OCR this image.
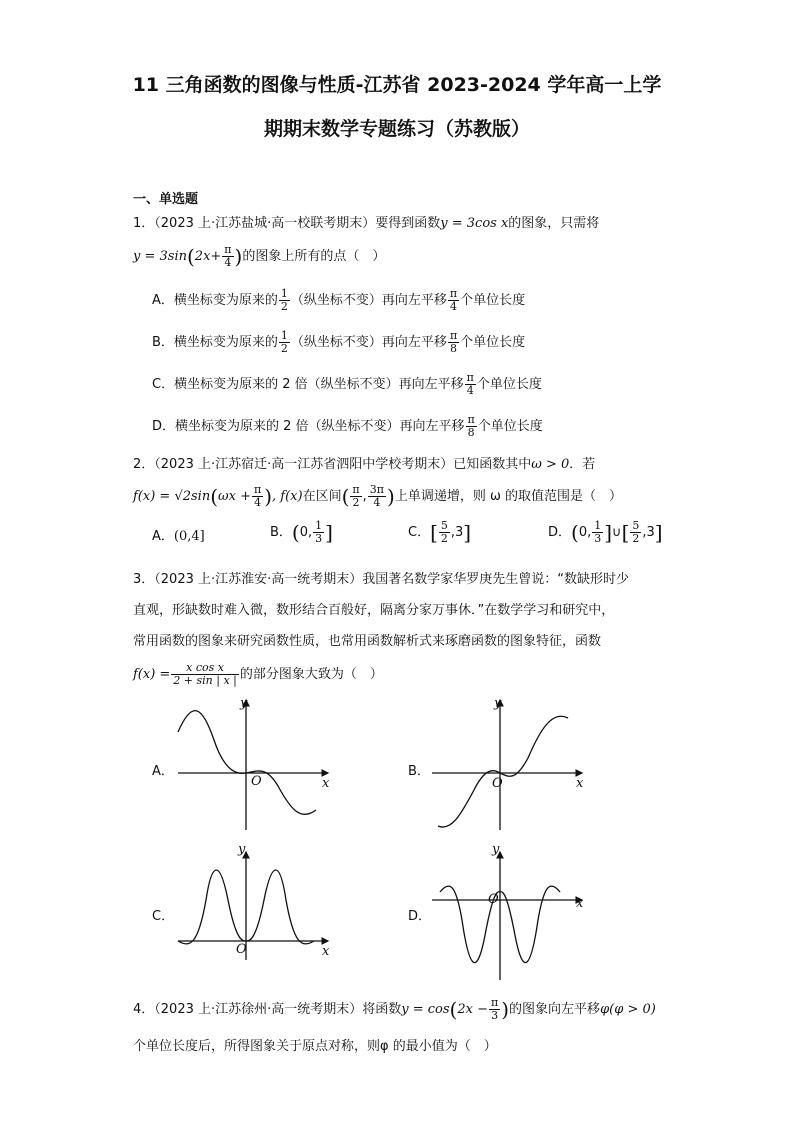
11 三角函数的图像与性质-江苏省 2023-2024 学年高一上学
期期末数学专题练习（苏教版）
一、单选题
1．（2023 上·江苏盐城·高一校联考期末）要得到函数y = 3cos x的图象，只需将
$y = 3\sin(2x+ \frac{\pi}{4}$ )的图象上所有的点（　）
A．横坐标变为原来的 $\frac{1}{2}$ （纵坐标不变）再向左平移 $\frac{\pi}{4}$ 个单位长度
B．横坐标变为原来的 $\frac{1}{2}$ （纵坐标不变）再向左平移 $\frac{\pi}{8}$ 个单位长度
C．横坐标变为原来的 2 倍（纵坐标不变）再向左平移 $\frac{\pi}{4}$ 个单位长度
D．横坐标变为原来的 2 倍（纵坐标不变）再向左平移 $\frac{\pi}{8}$ 个单位长度
2．（2023 上·江苏宿迁·高一江苏省泗阳中学校考期末）已知函数其中ω > 0．若
$f(x) = √2\sin(\omega x + \frac{\pi}{4}$ ), f(x)在区间( $\frac{\pi}{2}$ , $\frac{3\pi}{4}$ )上单调递增，则 ω 的取值范围是（　）
A．(0,4]	B．(0, $\frac{1}{3}$ ]	C．[ $\frac{5}{2} ,3$]	D．(0, $\frac{1}{3}$ ]∪[ $\frac{5}{2} ,3$]
3．（2023 上·江苏淮安·高一统考期末）我国著名数学家华罗庚先生曾说：“数缺形时少
直观，形缺数时难入微，数形结合百般好，隔离分家万事休．”在数学学习和研究中，
常用函数的图象来研究函数性质，也常用函数解析式来琢磨函数的图象特征，函数
$f(x) = \frac{\text{x cos x}}{2 + \sin | x |}$ 的部分图象大致为（　）
A．	B．
C．	D．
x
y
O	x
y
O
x
y
O
x
y
O
4．（2023 上·江苏徐州·高一统考期末）将函数$y = \cos(2x - \frac{\pi}{3}$ )的图象向左平移φ(φ > 0)
个单位长度后，所得图象关于原点对称，则φ 的最小值为（　）
